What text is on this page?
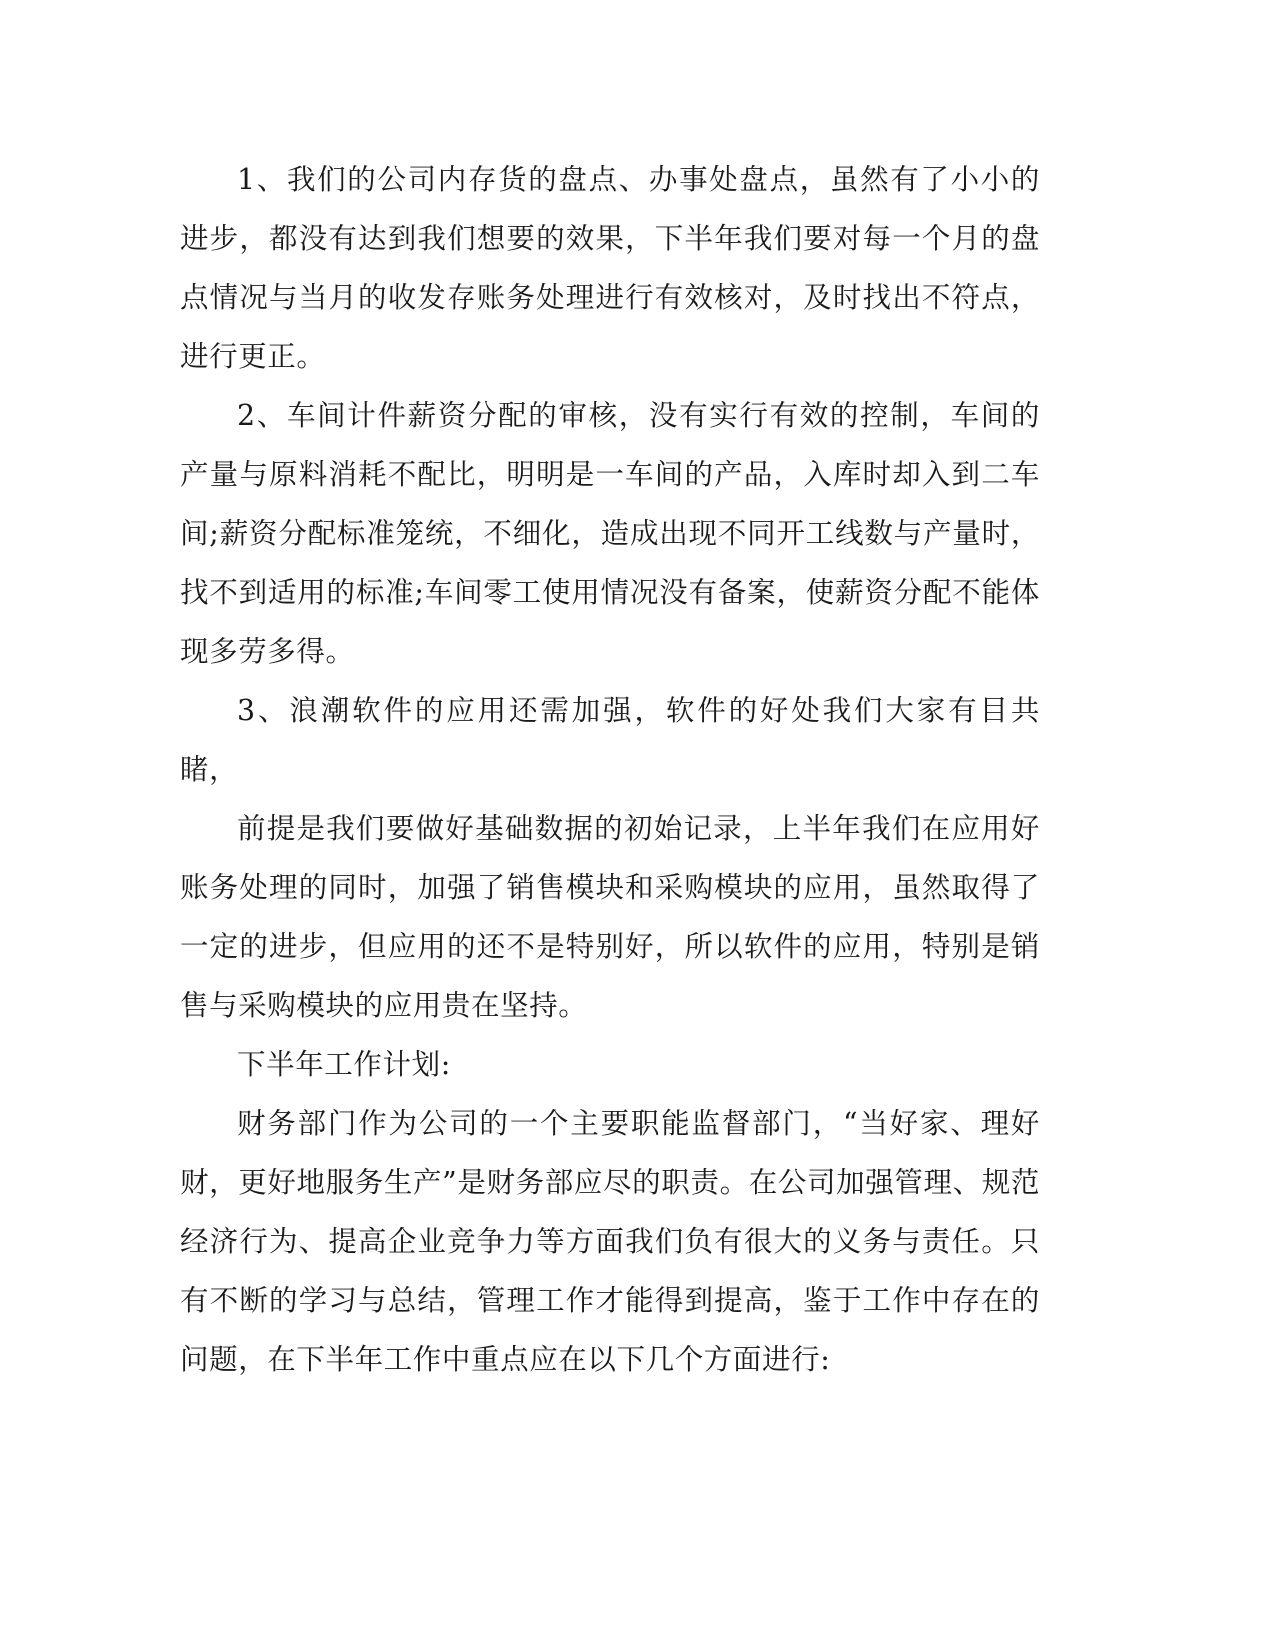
1、我们的公司内存货的盘点、办事处盘点，虽然有了小小的进步，都没有达到我们想要的效果，下半年我们要对每一个月的盘点情况与当月的收发存账务处理进行有效核对，及时找出不符点，进行更正。

2、车间计件薪资分配的审核，没有实行有效的控制，车间的产量与原料消耗不配比，明明是一车间的产品，入库时却入到二车间;薪资分配标准笼统，不细化，造成出现不同开工线数与产量时，找不到适用的标准;车间零工使用情况没有备案，使薪资分配不能体现多劳多得。

3、浪潮软件的应用还需加强，软件的好处我们大家有目共睹，

前提是我们要做好基础数据的初始记录，上半年我们在应用好账务处理的同时，加强了销售模块和采购模块的应用，虽然取得了一定的进步，但应用的还不是特别好，所以软件的应用，特别是销售与采购模块的应用贵在坚持。

下半年工作计划:

财务部门作为公司的一个主要职能监督部门，“当好家、理好财，更好地服务生产”是财务部应尽的职责。在公司加强管理、规范经济行为、提高企业竞争力等方面我们负有很大的义务与责任。只有不断的学习与总结，管理工作才能得到提高，鉴于工作中存在的问题，在下半年工作中重点应在以下几个方面进行:
